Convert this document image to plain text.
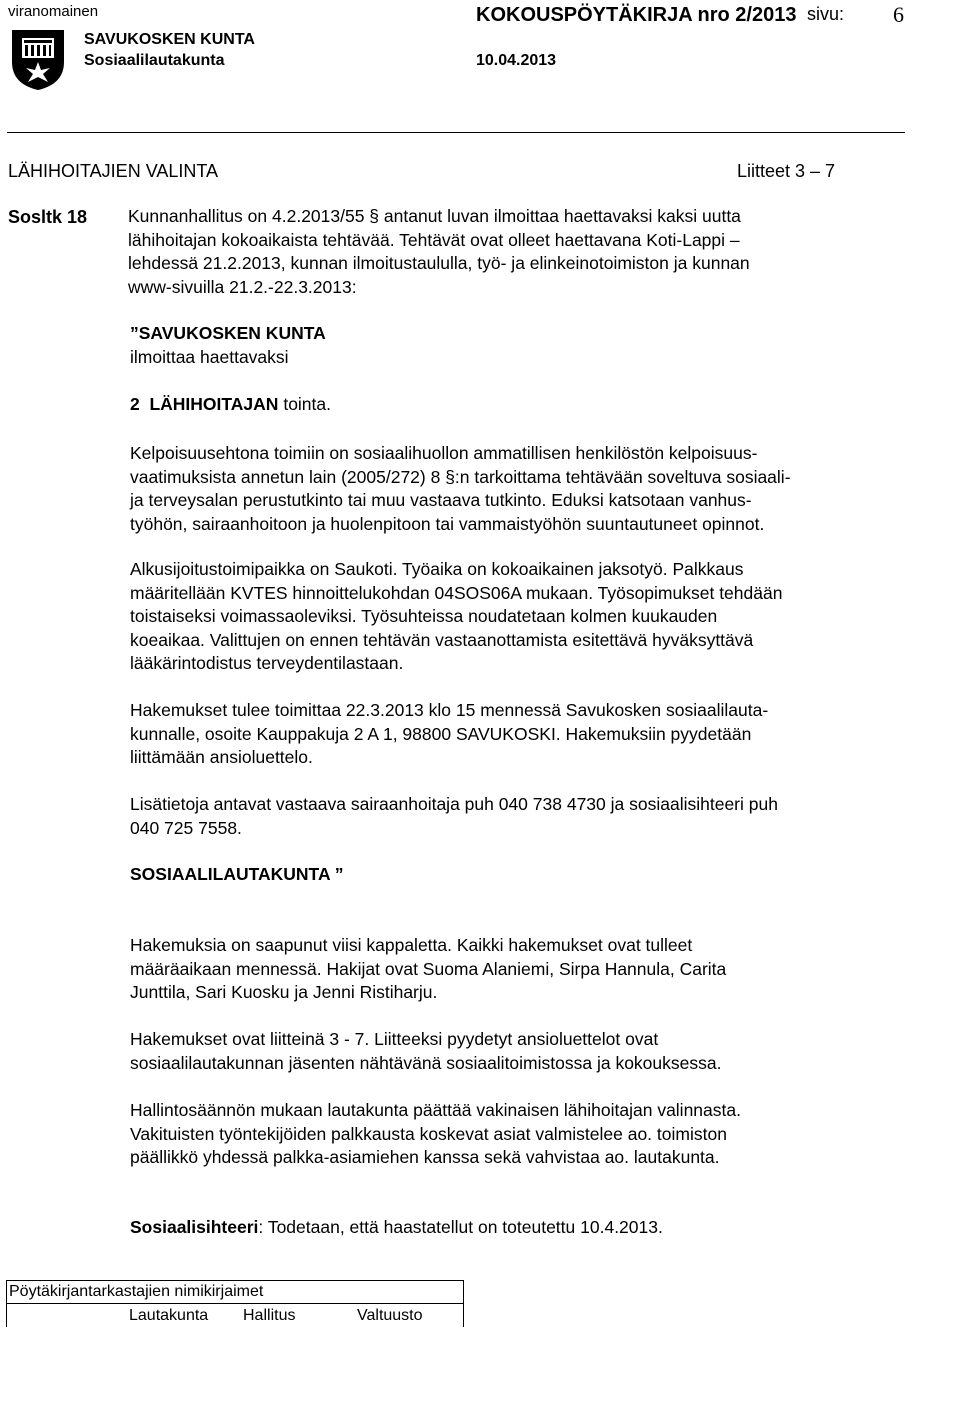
viranomainen	KOKOUSPÖYTÄKIRJA nro 2/2013 sivu: 6
SAVUKOSKEN KUNTA
Sosiaalilautakunta	10.04.2013
LÄHIHOITAJIEN VALINTA	Liitteet 3 – 7
Sosltk 18 Kunnanhallitus on 4.2.2013/55 § antanut luvan ilmoittaa haettavaksi kaksi uutta
lähihoitajan kokoaikaista tehtävää. Tehtävät ovat olleet haettavana Koti-Lappi –
lehdessä 21.2.2013, kunnan ilmoitustaululla, työ- ja elinkeinotoimiston ja kunnan
www-sivuilla 21.2.-22.3.2013:
”SAVUKOSKEN KUNTA
ilmoittaa haettavaksi
2 LÄHIHOITAJAN tointa.
Kelpoisuusehtona toimiin on sosiaalihuollon ammatillisen henkilöstön kelpoisuus-
vaatimuksista annetun lain (2005/272) 8 §:n tarkoittama tehtävään soveltuva sosiaali-
ja terveysalan perustutkinto tai muu vastaava tutkinto. Eduksi katsotaan vanhus-
työhön, sairaanhoitoon ja huolenpitoon tai vammaistyöhön suuntautuneet opinnot.
Alkusijoitustoimipaikka on Saukoti. Työaika on kokoaikainen jaksotyö. Palkkaus
määritellään KVTES hinnoittelukohdan 04SOS06A mukaan. Työsopimukset tehdään
toistaiseksi voimassaoleviksi. Työsuhteissa noudatetaan kolmen kuukauden
koeaikaa. Valittujen on ennen tehtävän vastaanottamista esitettävä hyväksyttävä
lääkärintodistus terveydentilastaan.
Hakemukset tulee toimittaa 22.3.2013 klo 15 mennessä Savukosken sosiaalilauta-
kunnalle, osoite Kauppakuja 2 A 1, 98800 SAVUKOSKI. Hakemuksiin pyydetään
liittämään ansioluettelo.
Lisätietoja antavat vastaava sairaanhoitaja puh 040 738 4730 ja sosiaalisihteeri puh
040 725 7558.
SOSIAALILAUTAKUNTA ”
Hakemuksia on saapunut viisi kappaletta. Kaikki hakemukset ovat tulleet
määräaikaan mennessä. Hakijat ovat Suoma Alaniemi, Sirpa Hannula, Carita
Junttila, Sari Kuosku ja Jenni Ristiharju.
Hakemukset ovat liitteinä 3 - 7. Liitteeksi pyydetyt ansioluettelot ovat
sosiaalilautakunnan jäsenten nähtävänä sosiaalitoimistossa ja kokouksessa.
Hallintosäännön mukaan lautakunta päättää vakinaisen lähihoitajan valinnasta.
Vakituisten työntekijöiden palkkausta koskevat asiat valmistelee ao. toimiston
päällikkö yhdessä palkka-asiamiehen kanssa sekä vahvistaa ao. lautakunta.
Sosiaalisihteeri: Todetaan, että haastatellut on toteutettu 10.4.2013.
Pöytäkirjantarkastajien nimikirjaimet
Lautakunta Hallitus	Valtuusto
